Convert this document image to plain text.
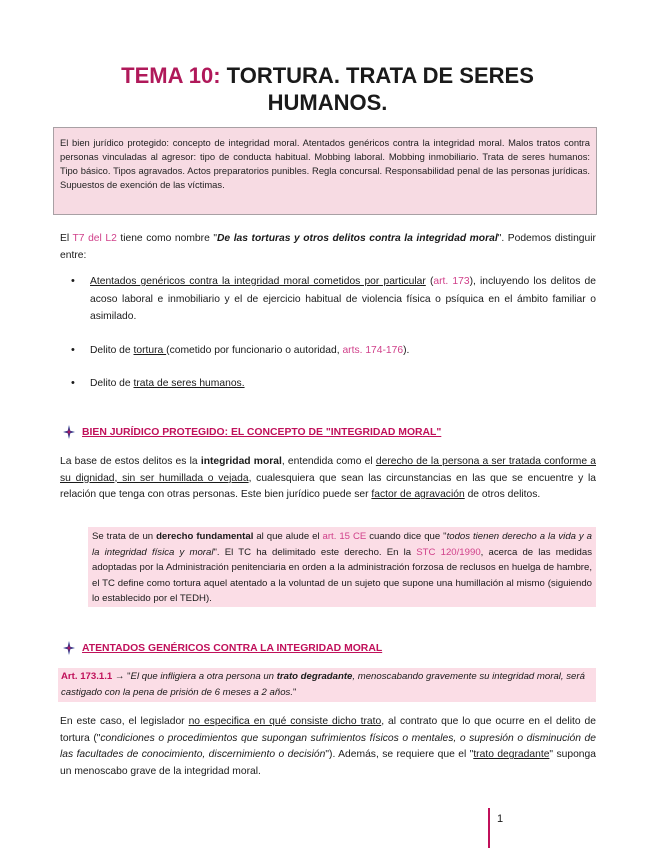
TEMA 10: TORTURA. TRATA DE SERES HUMANOS.
El bien jurídico protegido: concepto de integridad moral. Atentados genéricos contra la integridad moral. Malos tratos contra personas vinculadas al agresor: tipo de conducta habitual. Mobbing laboral. Mobbing inmobiliario. Trata de seres humanos: Tipo básico. Tipos agravados. Actos preparatorios punibles. Regla concursal. Responsabilidad penal de las personas jurídicas. Supuestos de exención de las víctimas.
El T7 del L2 tiene como nombre "De las torturas y otros delitos contra la integridad moral". Podemos distinguir entre:
• Atentados genéricos contra la integridad moral cometidos por particular (art. 173), incluyendo los delitos de acoso laboral e inmobiliario y el de ejercicio habitual de violencia física o psíquica en el ámbito familiar o asimilado.
• Delito de tortura (cometido por funcionario o autoridad, arts. 174-176).
• Delito de trata de seres humanos.
BIEN JURÍDICO PROTEGIDO: EL CONCEPTO DE "INTEGRIDAD MORAL"
La base de estos delitos es la integridad moral, entendida como el derecho de la persona a ser tratada conforme a su dignidad, sin ser humillada o vejada, cualesquiera que sean las circunstancias en las que se encuentre y la relación que tenga con otras personas. Este bien jurídico puede ser factor de agravación de otros delitos.
Se trata de un derecho fundamental al que alude el art. 15 CE cuando dice que "todos tienen derecho a la vida y a la integridad física y moral". El TC ha delimitado este derecho. En la STC 120/1990, acerca de las medidas adoptadas por la Administración penitenciaria en orden a la administración forzosa de reclusos en huelga de hambre, el TC define como tortura aquel atentado a la voluntad de un sujeto que supone una humillación al mismo (siguiendo lo establecido por el TEDH).
ATENTADOS GENÉRICOS CONTRA LA INTEGRIDAD MORAL
Art. 173.1.1 → "El que infligiera a otra persona un trato degradante, menoscabando gravemente su integridad moral, será castigado con la pena de prisión de 6 meses a 2 años."
En este caso, el legislador no especifica en qué consiste dicho trato, al contrato que lo que ocurre en el delito de tortura ("condiciones o procedimientos que supongan sufrimientos físicos o mentales, o supresión o disminución de las facultades de conocimiento, discernimiento o decisión"). Además, se requiere que el "trato degradante" suponga un menoscabo grave de la integridad moral.
1
